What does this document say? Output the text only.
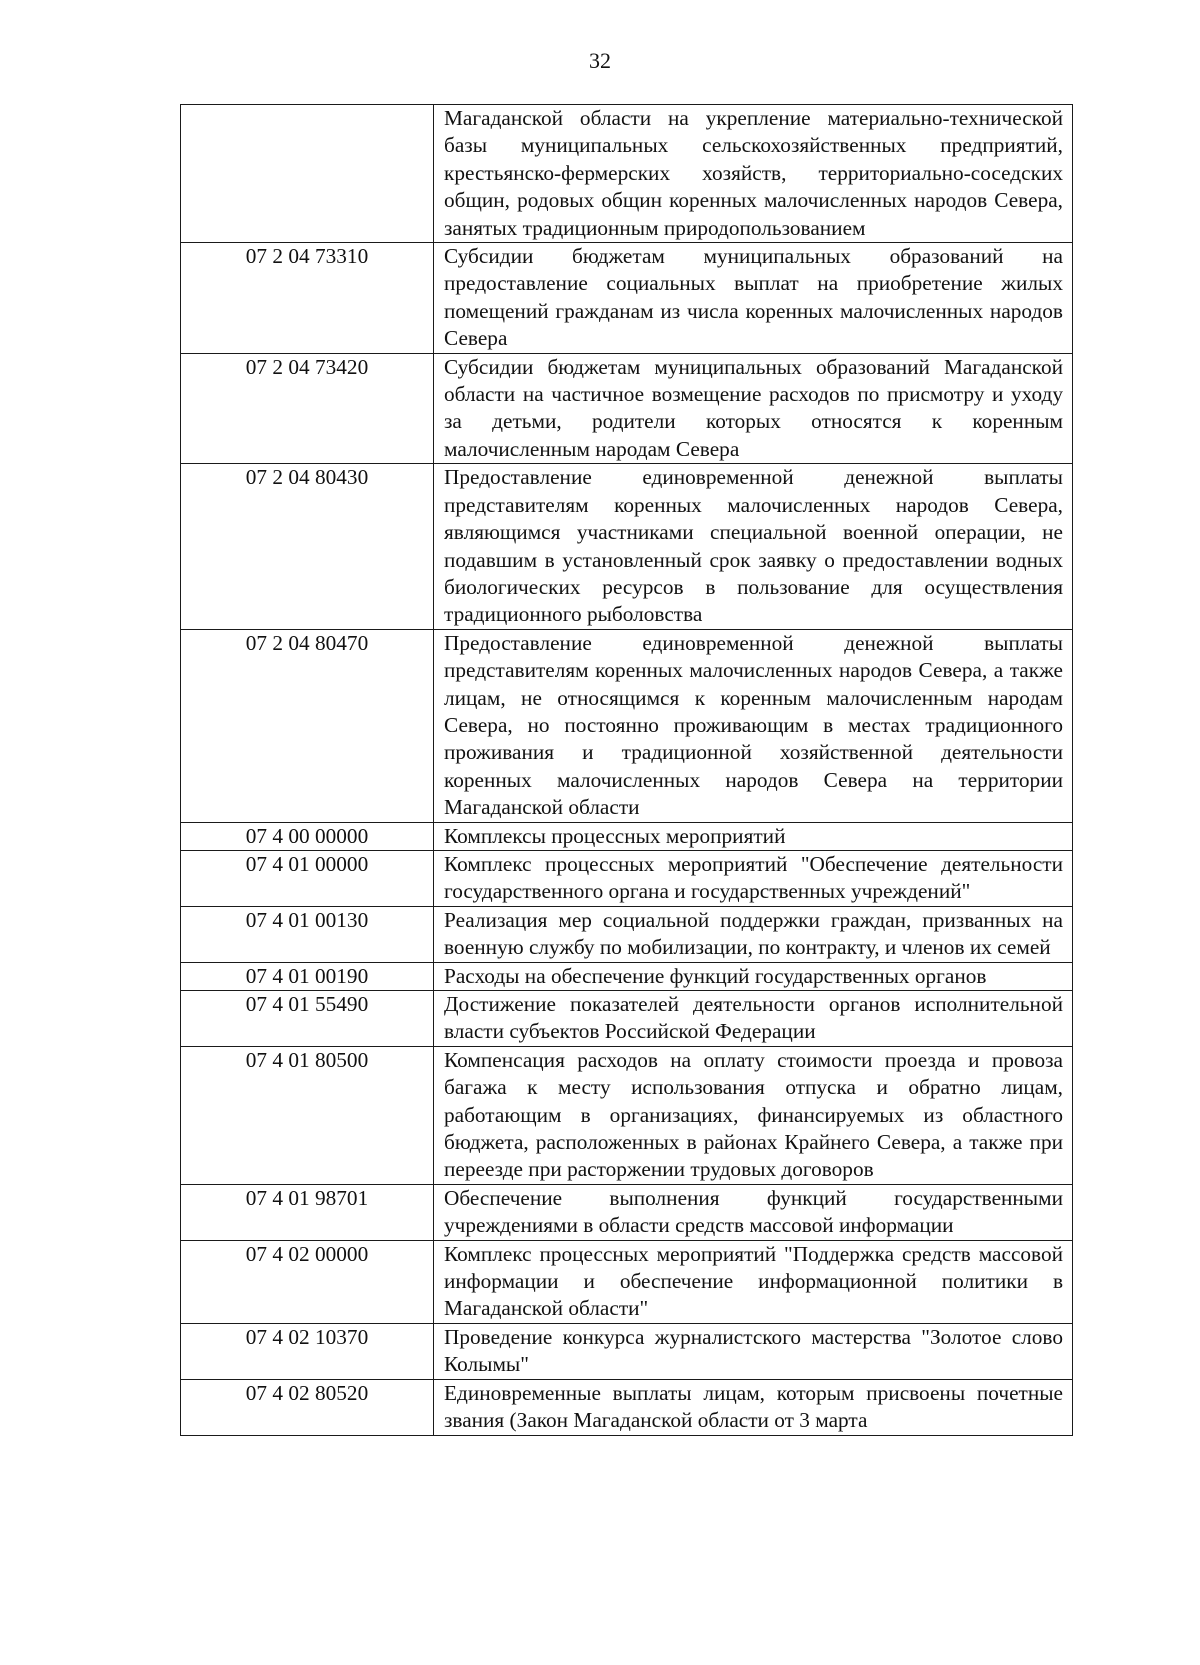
32
	Магаданской области на укрепление материально-технической базы муниципальных сельскохозяйственных предприятий, крестьянско-фермерских хозяйств, территориально-соседских общин, родовых общин коренных малочисленных народов Севера, занятых традиционным природопользованием
07 2 04 73310	Субсидии бюджетам муниципальных образований на предоставление социальных выплат на приобретение жилых помещений гражданам из числа коренных малочисленных народов Севера
07 2 04 73420	Субсидии бюджетам муниципальных образований Магаданской области на частичное возмещение расходов по присмотру и уходу за детьми, родители которых относятся к коренным малочисленным народам Севера
07 2 04 80430	Предоставление единовременной денежной выплаты представителям коренных малочисленных народов Севера, являющимся участниками специальной военной операции, не подавшим в установленный срок заявку о предоставлении водных биологических ресурсов в пользование для осуществления традиционного рыболовства
07 2 04 80470	Предоставление единовременной денежной выплаты представителям коренных малочисленных народов Севера, а также лицам, не относящимся к коренным малочисленным народам Севера, но постоянно проживающим в местах традиционного проживания и традиционной хозяйственной деятельности коренных малочисленных народов Севера на территории Магаданской области
07 4 00 00000	Комплексы процессных мероприятий
07 4 01 00000	Комплекс процессных мероприятий "Обеспечение деятельности государственного органа и государственных учреждений"
07 4 01 00130	Реализация мер социальной поддержки граждан, призванных на военную службу по мобилизации, по контракту, и членов их семей
07 4 01 00190	Расходы на обеспечение функций государственных органов
07 4 01 55490	Достижение показателей деятельности органов исполнительной власти субъектов Российской Федерации
07 4 01 80500	Компенсация расходов на оплату стоимости проезда и провоза багажа к месту использования отпуска и обратно лицам, работающим в организациях, финансируемых из областного бюджета, расположенных в районах Крайнего Севера, а также при переезде при расторжении трудовых договоров
07 4 01 98701	Обеспечение выполнения функций государственными учреждениями в области средств массовой информации
07 4 02 00000	Комплекс процессных мероприятий "Поддержка средств массовой информации и обеспечение информационной политики в Магаданской области"
07 4 02 10370	Проведение конкурса журналистского мастерства "Золотое слово Колымы"
07 4 02 80520	Единовременные выплаты лицам, которым присвоены почетные звания (Закон Магаданской области от 3 марта
